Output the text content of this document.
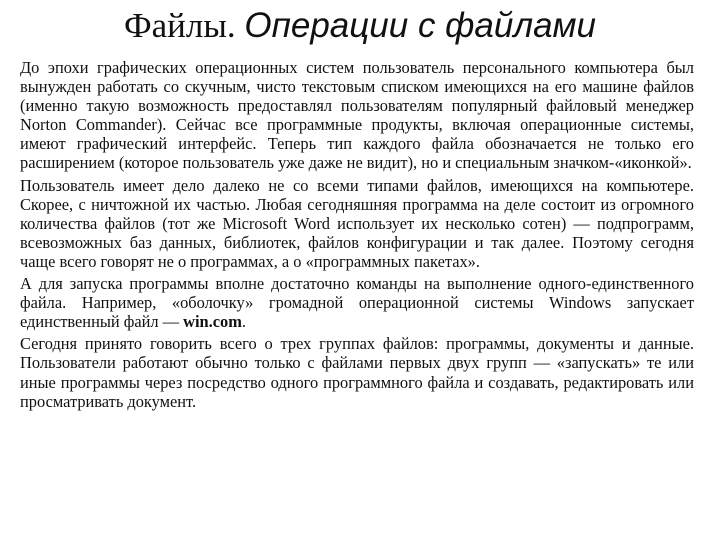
Файлы. Операции с файлами

До эпохи графических операционных систем пользователь персонального компьютера был вынужден работать со скучным, чисто текстовым списком имеющихся на его машине файлов (именно такую возможность предоставлял пользователям популярный файловый менеджер Norton Commander). Сейчас все программные продукты, включая операционные системы, имеют графический интерфейс. Теперь тип каждого файла обозначается не только его расширением (которое пользователь уже даже не видит), но и специальным значком-«иконкой».

Пользователь имеет дело далеко не со всеми типами файлов, имеющихся на компьютере. Скорее, с ничтожной их частью. Любая сегодняшняя программа на деле состоит из огромного количества файлов (тот же Microsoft Word использует их несколько сотен) — подпрограмм, всевозможных баз данных, библиотек, файлов конфигурации и так далее. Поэтому сегодня чаще всего говорят не о программах, а о «программных пакетах».

А для запуска программы вполне достаточно команды на выполнение одного-единственного файла. Например, «оболочку» громадной операционной системы Windows запускает единственный файл — win.com.

Сегодня принято говорить всего о трех группах файлов: программы, документы и данные. Пользователи работают обычно только с файлами первых двух групп — «запускать» те или иные программы через посредство одного программного файла и создавать, редактировать или просматривать документ.
